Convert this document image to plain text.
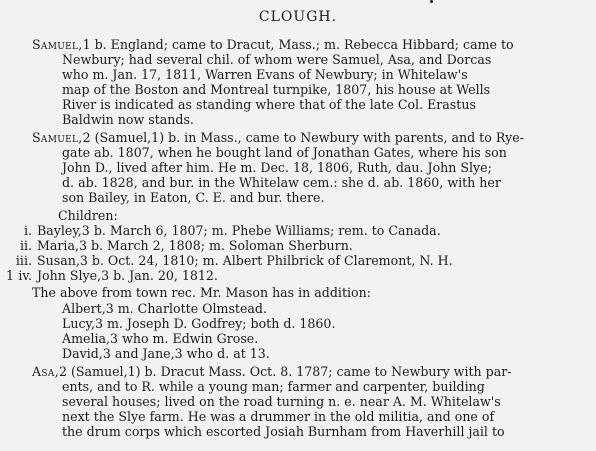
CLOUGH.
Samuel,1 b. England; came to Dracut, Mass.; m. Rebecca Hibbard; came to
Newbury; had several chil. of whom were Samuel, Asa, and Dorcas
who m. Jan. 17, 1811, Warren Evans of Newbury; in Whitelaw's
map of the Boston and Montreal turnpike, 1807, his house at Wells
River is indicated as standing where that of the late Col. Erastus
Baldwin now stands.
Samuel,2 (Samuel,1) b. in Mass., came to Newbury with parents, and to Rye-
gate ab. 1807, when he bought land of Jonathan Gates, where his son
John D., lived after him. He m. Dec. 18, 1806, Ruth, dau. John Slye;
d. ab. 1828, and bur. in the Whitelaw cem.: she d. ab. 1860, with her
son Bailey, in Eaton, C. E. and bur. there.
Children:
i. Bayley,3 b. March 6, 1807; m. Phebe Williams; rem. to Canada.
ii. Maria,3 b. March 2, 1808; m. Soloman Sherburn.
iii. Susan,3 b. Oct. 24, 1810; m. Albert Philbrick of Claremont, N. H.
1 iv. John Slye,3 b. Jan. 20, 1812.
The above from town rec. Mr. Mason has in addition:
Albert,3 m. Charlotte Olmstead.
Lucy,3 m. Joseph D. Godfrey; both d. 1860.
Amelia,3 who m. Edwin Grose.
David,3 and Jane,3 who d. at 13.
Asa,2 (Samuel,1) b. Dracut Mass. Oct. 8. 1787; came to Newbury with par-
ents, and to R. while a young man; farmer and carpenter, building
several houses; lived on the road turning n. e. near A. M. Whitelaw's
next the Slye farm. He was a drummer in the old militia, and one of
the drum corps which escorted Josiah Burnham from Haverhill jail to
